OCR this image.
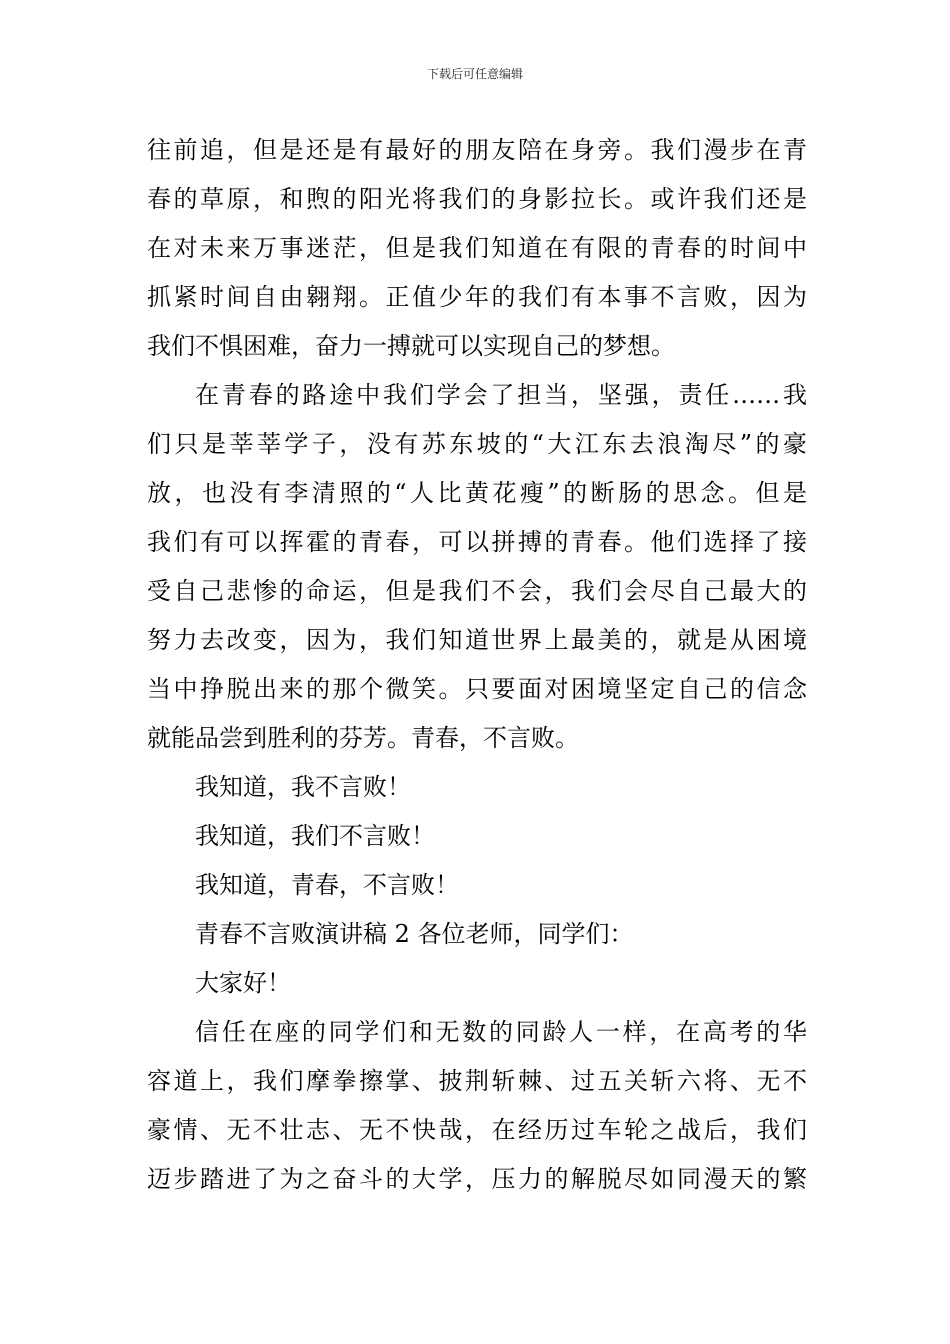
下载后可任意编辑
往前追，但是还是有最好的朋友陪在身旁。我们漫步在青
春的草原，和煦的阳光将我们的身影拉长。或许我们还是
在对未来万事迷茫，但是我们知道在有限的青春的时间中
抓紧时间自由翱翔。正值少年的我们有本事不言败，因为
我们不惧困难，奋力一搏就可以实现自己的梦想。
在青春的路途中我们学会了担当，坚强，责任……我
们只是莘莘学子，没有苏东坡的“大江东去浪淘尽”的豪
放，也没有李清照的“人比黄花瘦”的断肠的思念。但是
我们有可以挥霍的青春，可以拼搏的青春。他们选择了接
受自己悲惨的命运，但是我们不会，我们会尽自己最大的
努力去改变，因为，我们知道世界上最美的，就是从困境
当中挣脱出来的那个微笑。只要面对困境坚定自己的信念
就能品尝到胜利的芬芳。青春，不言败。
我知道，我不言败！
我知道，我们不言败！
我知道，青春，不言败！
青春不言败演讲稿 2 各位老师，同学们：
大家好！
信任在座的同学们和无数的同龄人一样，在高考的华
容道上，我们摩拳擦掌、披荆斩棘、过五关斩六将、无不
豪情、无不壮志、无不快哉，在经历过车轮之战后，我们
迈步踏进了为之奋斗的大学，压力的解脱尽如同漫天的繁
